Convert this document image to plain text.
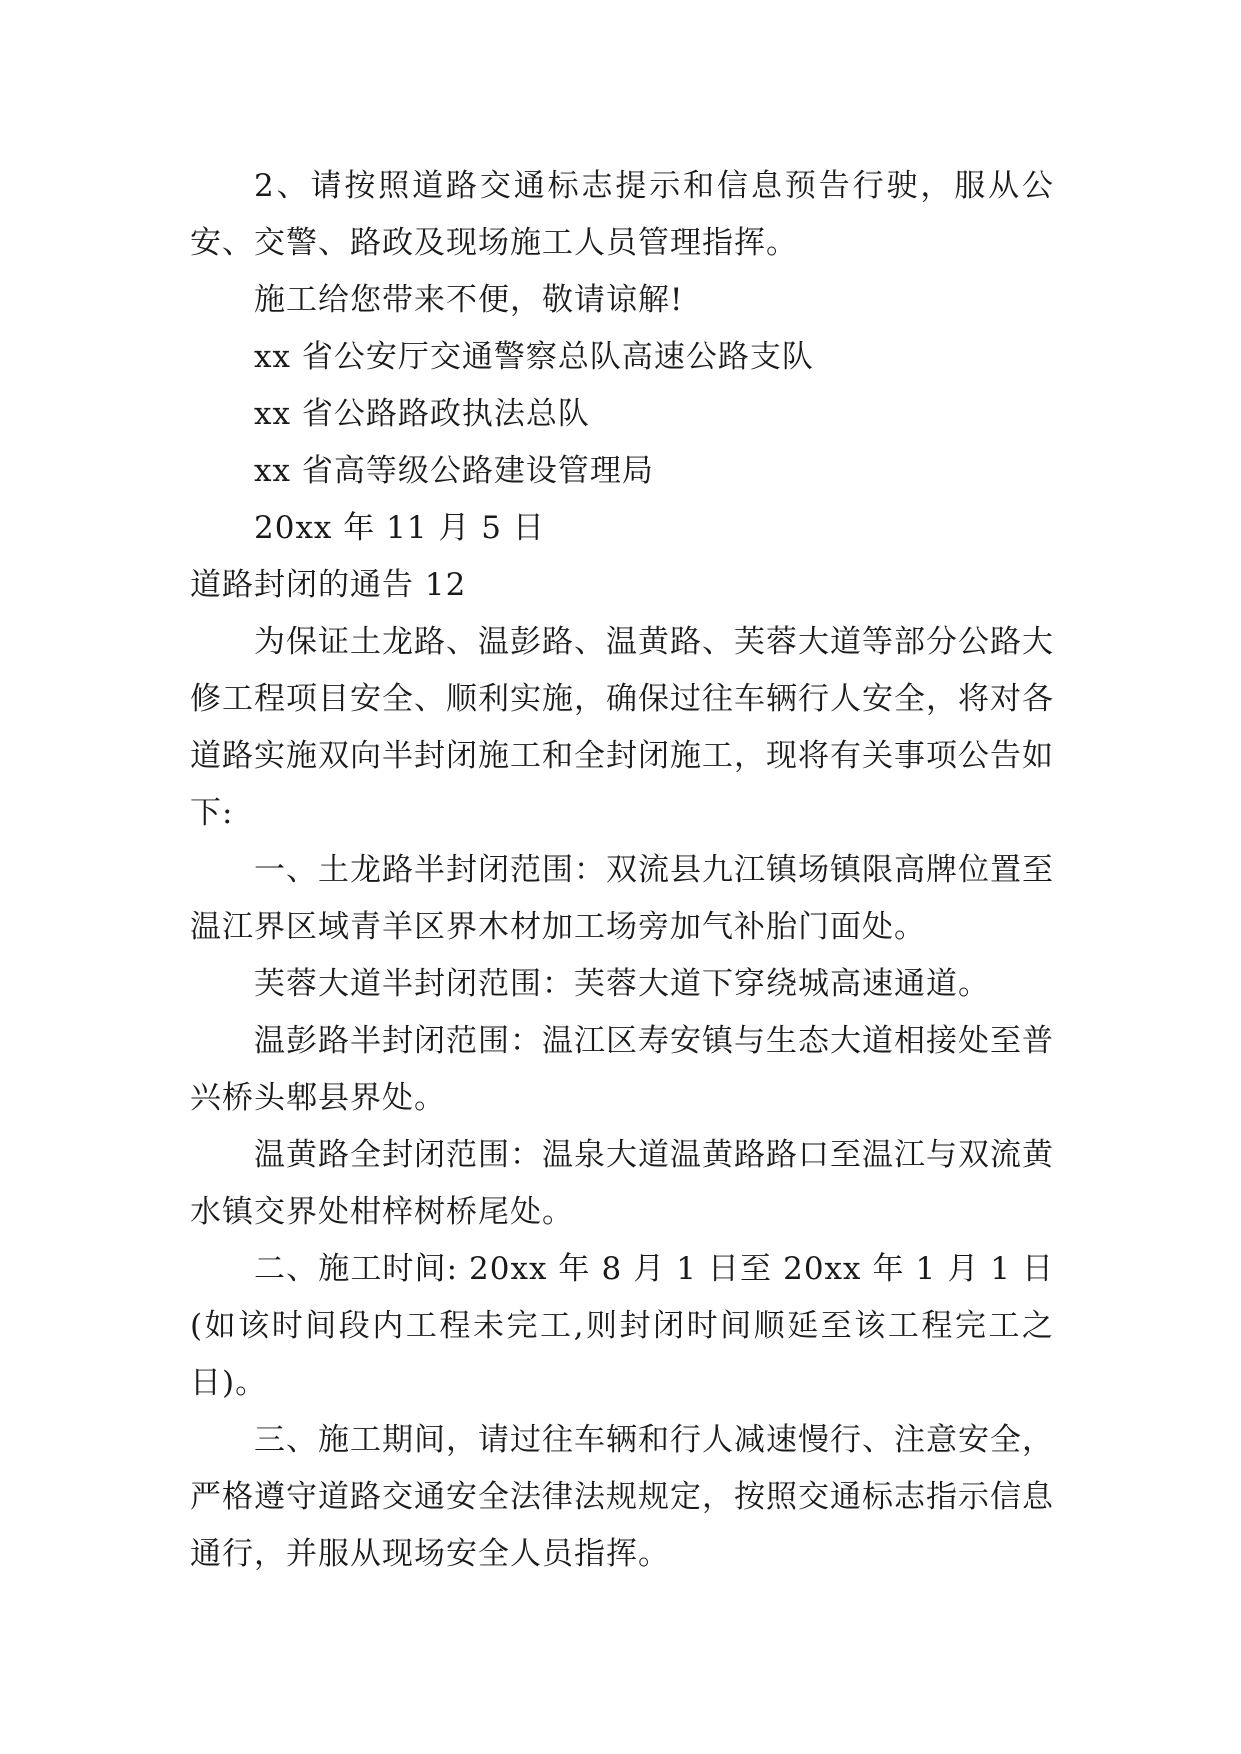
2、请按照道路交通标志提示和信息预告行驶，服从公安、交警、路政及现场施工人员管理指挥。

施工给您带来不便，敬请谅解!

xx 省公安厅交通警察总队高速公路支队

xx 省公路路政执法总队

xx 省高等级公路建设管理局

20xx 年 11 月 5 日

道路封闭的通告 12

为保证土龙路、温彭路、温黄路、芙蓉大道等部分公路大修工程项目安全、顺利实施，确保过往车辆行人安全，将对各道路实施双向半封闭施工和全封闭施工，现将有关事项公告如下:

一、土龙路半封闭范围：双流县九江镇场镇限高牌位置至温江界区域青羊区界木材加工场旁加气补胎门面处。

芙蓉大道半封闭范围：芙蓉大道下穿绕城高速通道。

温彭路半封闭范围：温江区寿安镇与生态大道相接处至普兴桥头郫县界处。

温黄路全封闭范围：温泉大道温黄路路口至温江与双流黄水镇交界处柑梓树桥尾处。

二、施工时间: 20xx 年 8 月 1 日至 20xx 年 1 月 1 日(如该时间段内工程未完工,则封闭时间顺延至该工程完工之日)。

三、施工期间，请过往车辆和行人减速慢行、注意安全，严格遵守道路交通安全法律法规规定，按照交通标志指示信息通行，并服从现场安全人员指挥。
